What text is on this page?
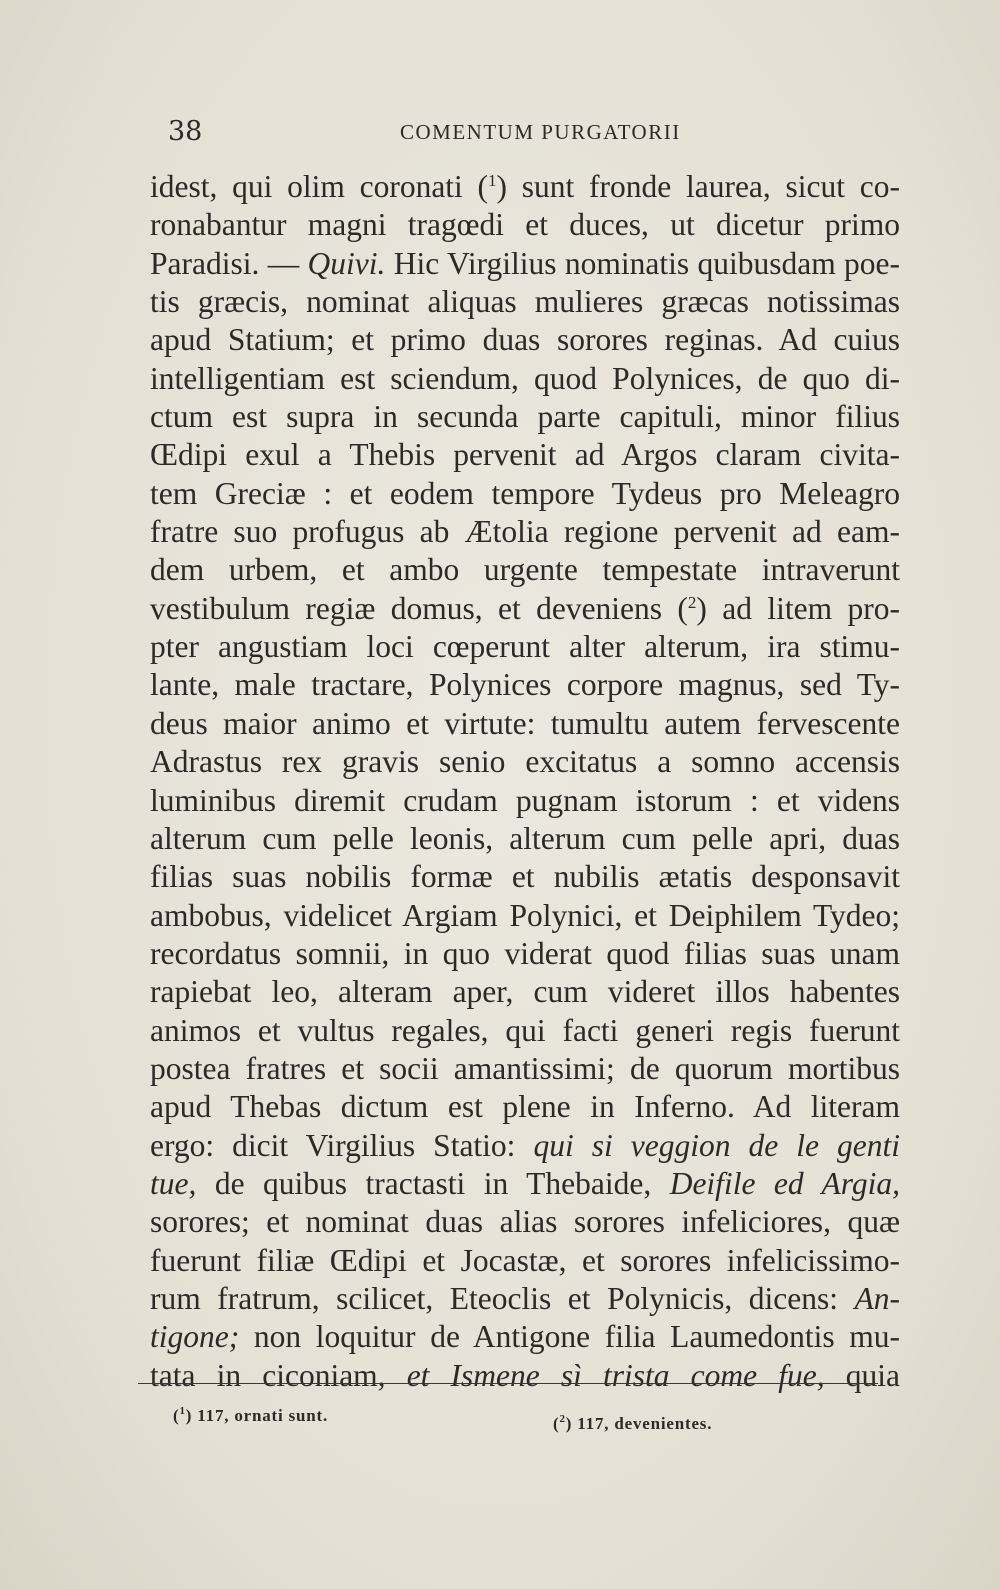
38	COMENTUM PURGATORII
idest, qui olim coronati ($^1$) sunt fronde laurea, sicut co-
ronabantur magni tragœdi et duces, ut dicetur primo
Paradisi. — Quivi. Hic Virgilius nominatis quibusdam poe-
tis græcis, nominat aliquas mulieres græcas notissimas
apud Statium; et primo duas sorores reginas. Ad cuius
intelligentiam est sciendum, quod Polynices, de quo di-
ctum est supra in secunda parte capituli, minor filius
Œdipi exul a Thebis pervenit ad Argos claram civita-
tem Greciæ : et eodem tempore Tydeus pro Meleagro
fratre suo profugus ab Ætolia regione pervenit ad eam-
dem urbem, et ambo urgente tempestate intraverunt
vestibulum regiæ domus, et deveniens ($^2$) ad litem pro-
pter angustiam loci cœperunt alter alterum, ira stimu-
lante, male tractare, Polynices corpore magnus, sed Ty-
deus maior animo et virtute: tumultu autem fervescente
Adrastus rex gravis senio excitatus a somno accensis
luminibus diremit crudam pugnam istorum : et videns
alterum cum pelle leonis, alterum cum pelle apri, duas
filias suas nobilis formæ et nubilis ætatis desponsavit
ambobus, videlicet Argiam Polynici, et Deiphilem Tydeo;
recordatus somnii, in quo viderat quod filias suas unam
rapiebat leo, alteram aper, cum videret illos habentes
animos et vultus regales, qui facti generi regis fuerunt
postea fratres et socii amantissimi; de quorum mortibus
apud Thebas dictum est plene in Inferno. Ad literam
ergo: dicit Virgilius Statio: qui si veggion de le genti
tue, de quibus tractasti in Thebaide, Deifile ed Argia,
sorores; et nominat duas alias sorores infeliciores, quæ
fuerunt filiæ Œdipi et Jocastæ, et sorores infelicissimo-
rum fratrum, scilicet, Eteoclis et Polynicis, dicens: An-
tigone; non loquitur de Antigone filia Laumedontis mu-
tata in ciconiam, et Ismene sì trista come fue, quia
($^1$) 117, ornati sunt.	($^2$) 117, devenientes.
